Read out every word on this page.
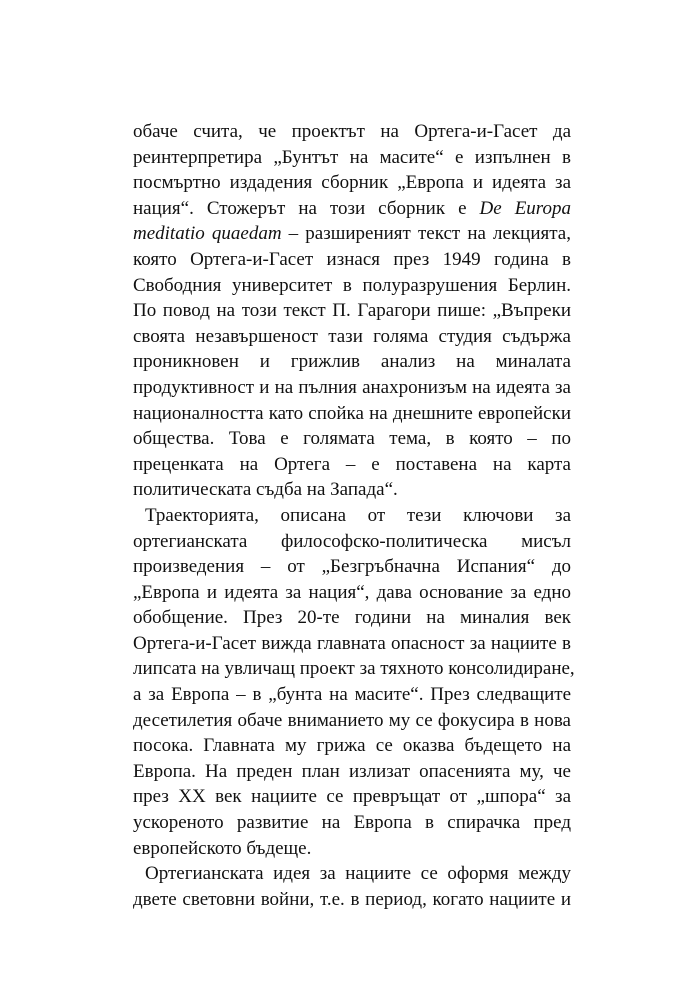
обаче счита, че проектът на Ортега-и-Гасет да
реинтерпретира „Бунтът на масите“ е изпълнен в
посмъртно издадения сборник „Европа и идеята за
нация“. Стожерът на този сборник е De Europa
meditatio quaedam – разширеният текст на лекцията,
която Ортега-и-Гасет изнася през 1949 година в
Свободния университет в полуразрушения Берлин.
По повод на този текст П. Гарагори пише: „Въпреки
своята незавършеност тази голяма студия съдържа
проникновен и грижлив анализ на миналата
продуктивност и на пълния анахронизъм на идеята за
националността като спойка на днешните европейски
общества. Това е голямата тема, в която – по
преценката на Ортега – е поставена на карта
политическата съдба на Запада“.
Траекторията, описана от тези ключови за
ортегианската философско-политическа мисъл
произведения – от „Безгръбначна Испания“ до
„Европа и идеята за нация“, дава основание за едно
обобщение. През 20-те години на миналия век
Ортега-и-Гасет вижда главната опасност за нациите в
липсата на увличащ проект за тяхното консолидиране,
а за Европа – в „бунта на масите“. През следващите
десетилетия обаче вниманието му се фокусира в нова
посока. Главната му грижа се оказва бъдещето на
Европа. На преден план излизат опасенията му, че
през XX век нациите се превръщат от „шпора“ за
ускореното развитие на Европа в спирачка пред
европейското бъдеще.
Ортегианската идея за нациите се оформя между
двете световни войни, т.е. в период, когато нациите и
